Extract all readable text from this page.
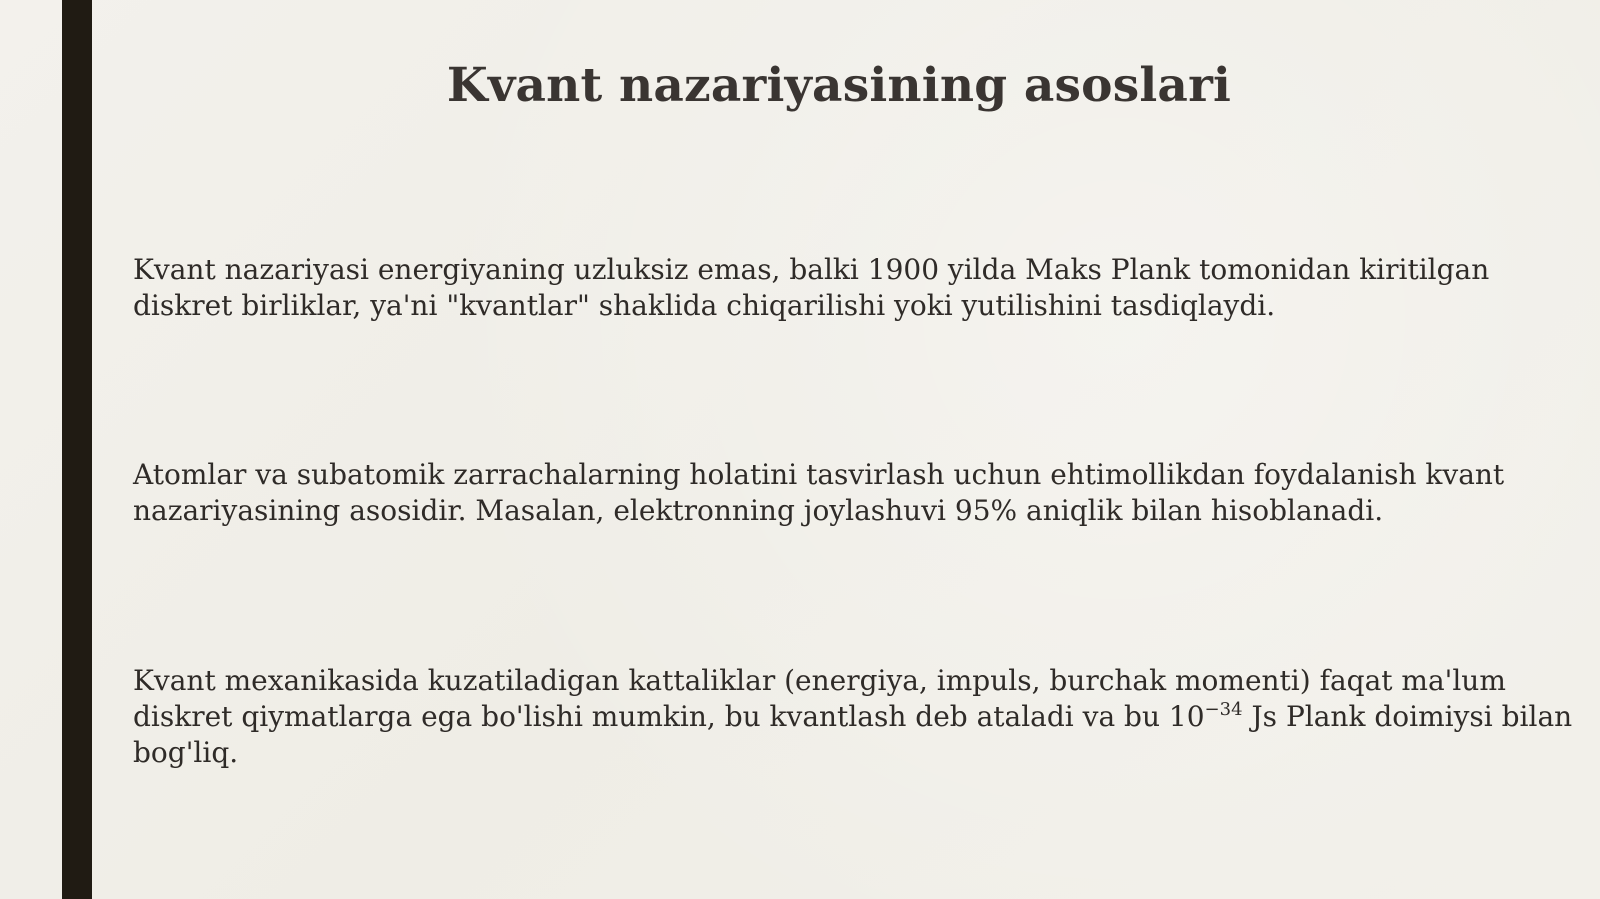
Kvant nazariyasining asoslari

Kvant nazariyasi energiyaning uzluksiz emas, balki 1900 yilda Maks Plank tomonidan kiritilgan diskret birliklar, ya'ni "kvantlar" shaklida chiqarilishi yoki yutilishini tasdiqlaydi.

Atomlar va subatomik zarrachalarning holatini tasvirlash uchun ehtimollikdan foydalanish kvant nazariyasining asosidir. Masalan, elektronning joylashuvi 95% aniqlik bilan hisoblanadi.

Kvant mexanikasida kuzatiladigan kattaliklar (energiya, impuls, burchak momenti) faqat ma'lum diskret qiymatlarga ega bo'lishi mumkin, bu kvantlash deb ataladi va bu $10^{-34}$ Js Plank doimiysi bilan bog'liq.
